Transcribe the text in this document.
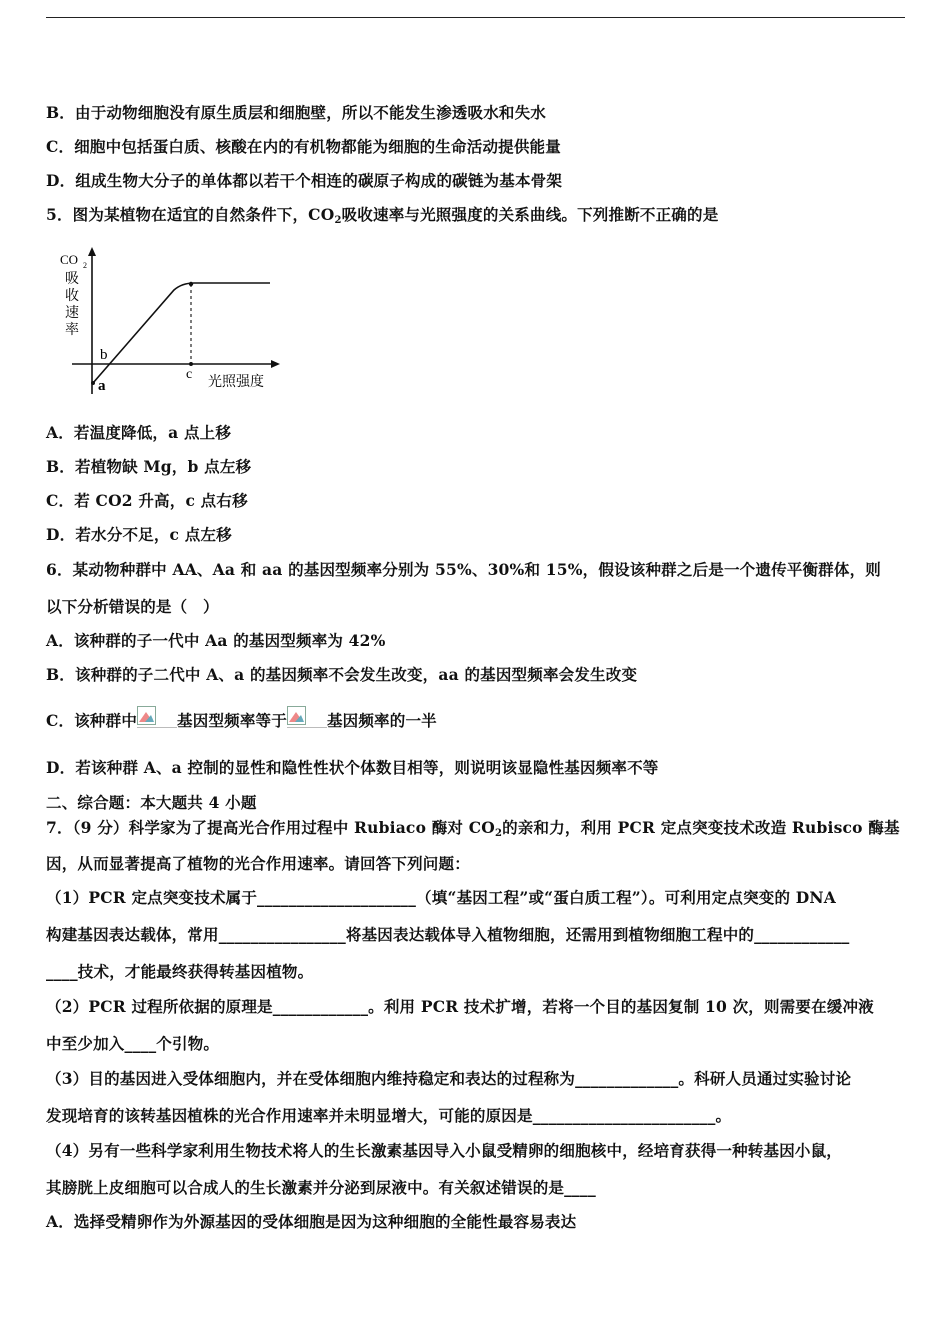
B．由于动物细胞没有原生质层和细胞壁，所以不能发生渗透吸水和失水
C．细胞中包括蛋白质、核酸在内的有机物都能为细胞的生命活动提供能量
D．组成生物大分子的单体都以若干个相连的碳原子构成的碳链为基本骨架
5．图为某植物在适宜的自然条件下，$CO_2$吸收速率与光照强度的关系曲线。下列推断不正确的是
CO 2
吸
收
速
率
b
a
c 光照强度
A．若温度降低，a 点上移
B．若植物缺 Mg，b 点左移
C．若 CO2 升高，c 点右移
D．若水分不足，c 点左移
6．某动物种群中 AA、Aa 和 aa 的基因型频率分别为 55%、30%和 15%，假设该种群之后是一个遗传平衡群体，则
以下分析错误的是（　）
A．该种群的子一代中 Aa 的基因型频率为 42%
B．该种群的子二代中 A、a 的基因频率不会发生改变，aa 的基因型频率会发生改变
C．该种群中	基因型频率等于	基因频率的一半
D．若该种群 A、a 控制的显性和隐性性状个体数目相等，则说明该显隐性基因频率不等
二、综合题：本大题共 4 小题
7．（9 分）科学家为了提高光合作用过程中 Rubiaco 酶对 $CO_2$的亲和力，利用 PCR 定点突变技术改造 Rubisco 酶基
因，从而显著提高了植物的光合作用速率。请回答下列问题：
（1）PCR 定点突变技术属于____________________（填“基因工程”或“蛋白质工程”）。可利用定点突变的 DNA
构建基因表达载体，常用________________将基因表达载体导入植物细胞，还需用到植物细胞工程中的____________
____技术，才能最终获得转基因植物。
（2）PCR 过程所依据的原理是____________。利用 PCR 技术扩增，若将一个目的基因复制 10 次，则需要在缓冲液
中至少加入____个引物。
（3）目的基因进入受体细胞内，并在受体细胞内维持稳定和表达的过程称为_____________。科研人员通过实验讨论
发现培育的该转基因植株的光合作用速率并未明显增大，可能的原因是_______________________。
（4）另有一些科学家利用生物技术将人的生长激素基因导入小鼠受精卵的细胞核中，经培育获得一种转基因小鼠，
其膀胱上皮细胞可以合成人的生长激素并分泌到尿液中。有关叙述错误的是____
A．选择受精卵作为外源基因的受体细胞是因为这种细胞的全能性最容易表达
